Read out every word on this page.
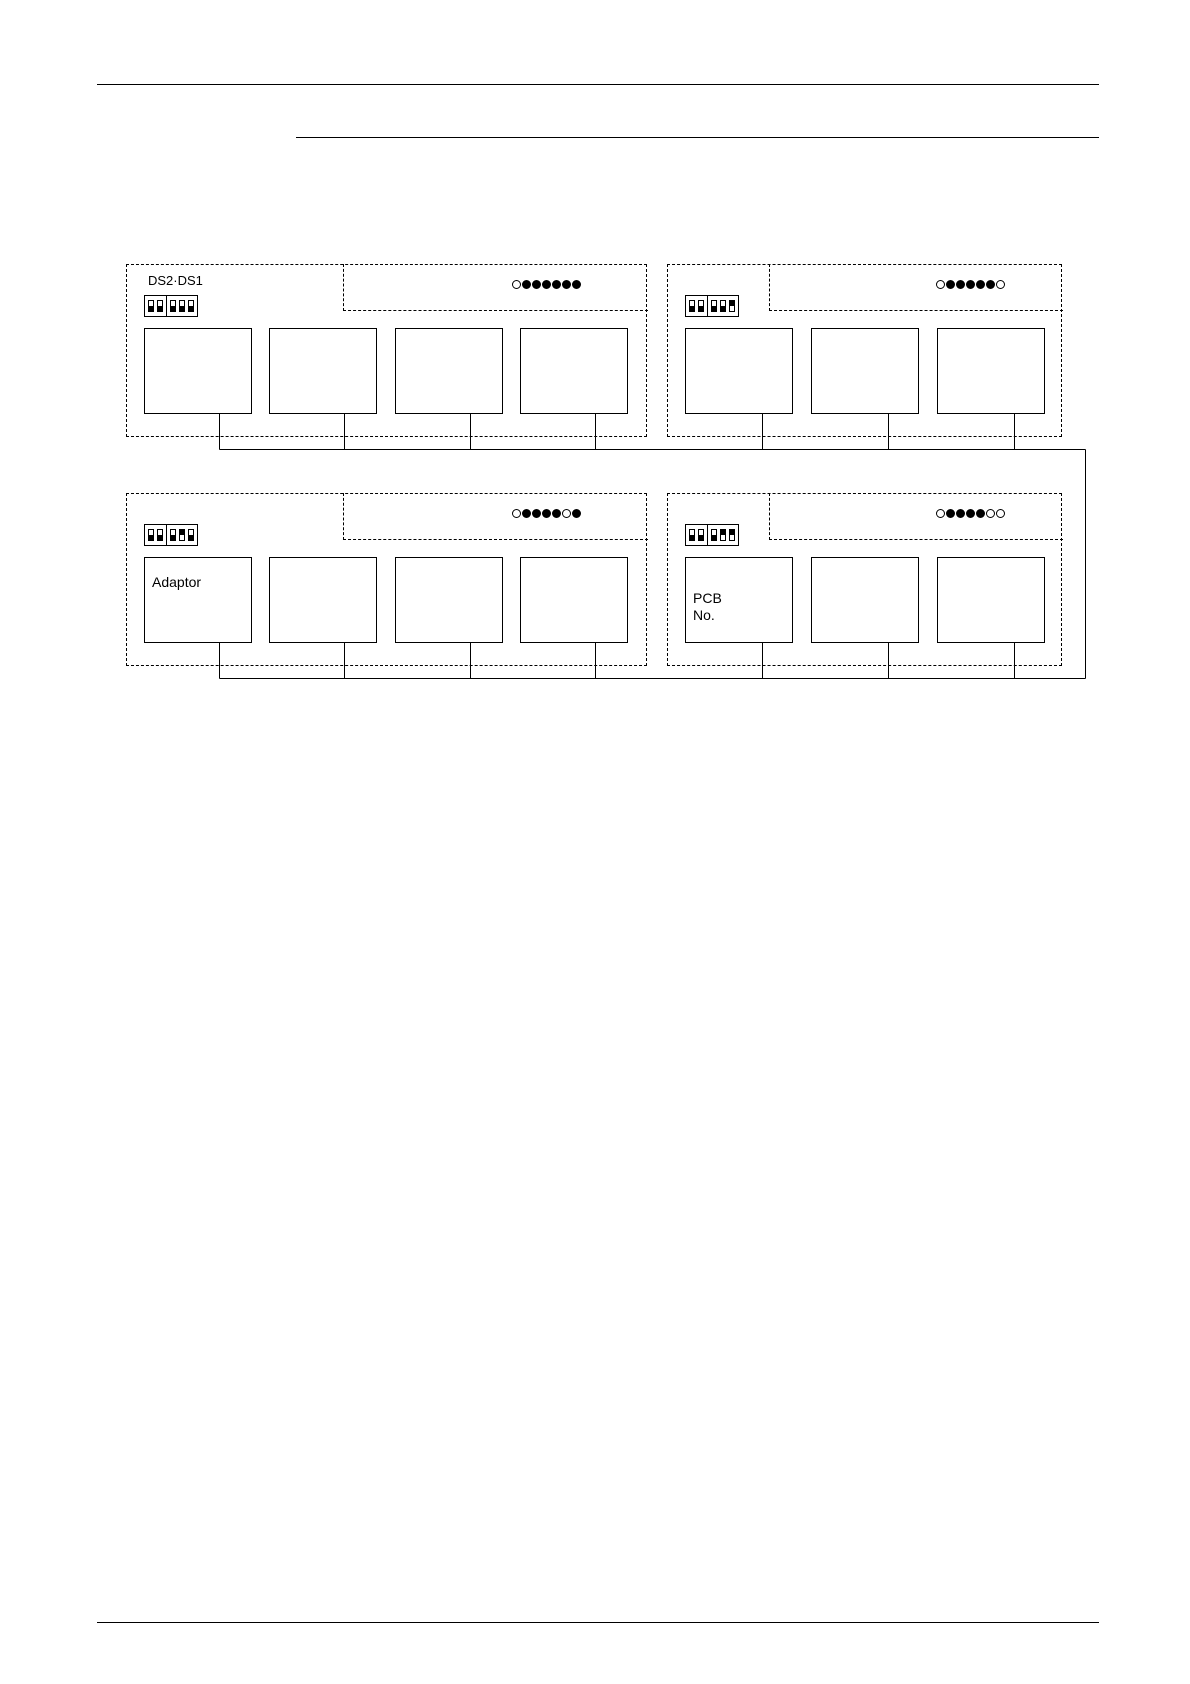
DS2·DS1
Adaptor
PCB
No.
